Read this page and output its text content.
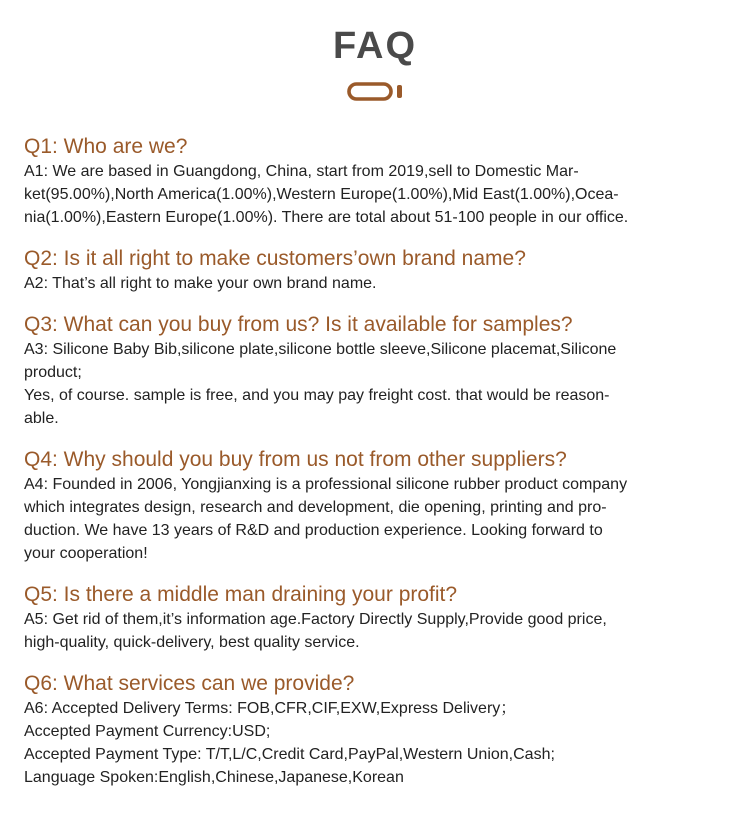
FAQ
Q1: Who are we?
A1: We are based in Guangdong, China, start from 2019,sell to Domestic Mar-
ket(95.00%),North America(1.00%),Western Europe(1.00%),Mid East(1.00%),Ocea-
nia(1.00%),Eastern Europe(1.00%). There are total about 51-100 people in our office.
Q2: Is it all right to make customers’own brand name?
A2: That’s all right to make your own brand name.
Q3: What can you buy from us? Is it available for samples?
A3: Silicone Baby Bib,silicone plate,silicone bottle sleeve,Silicone placemat,Silicone
product;
Yes, of course. sample is free, and you may pay freight cost. that would be reason-
able.
Q4: Why should you buy from us not from other suppliers?
A4: Founded in 2006, Yongjianxing is a professional silicone rubber product company
which integrates design, research and development, die opening, printing and pro-
duction. We have 13 years of R&D and production experience. Looking forward to
your cooperation!
Q5: Is there a middle man draining your profit?
A5: Get rid of them,it’s information age.Factory Directly Supply,Provide good price,
high-quality, quick-delivery, best quality service.
Q6: What services can we provide?
A6: Accepted Delivery Terms: FOB,CFR,CIF,EXW,Express Delivery；
Accepted Payment Currency:USD;
Accepted Payment Type: T/T,L/C,Credit Card,PayPal,Western Union,Cash;
Language Spoken:English,Chinese,Japanese,Korean
